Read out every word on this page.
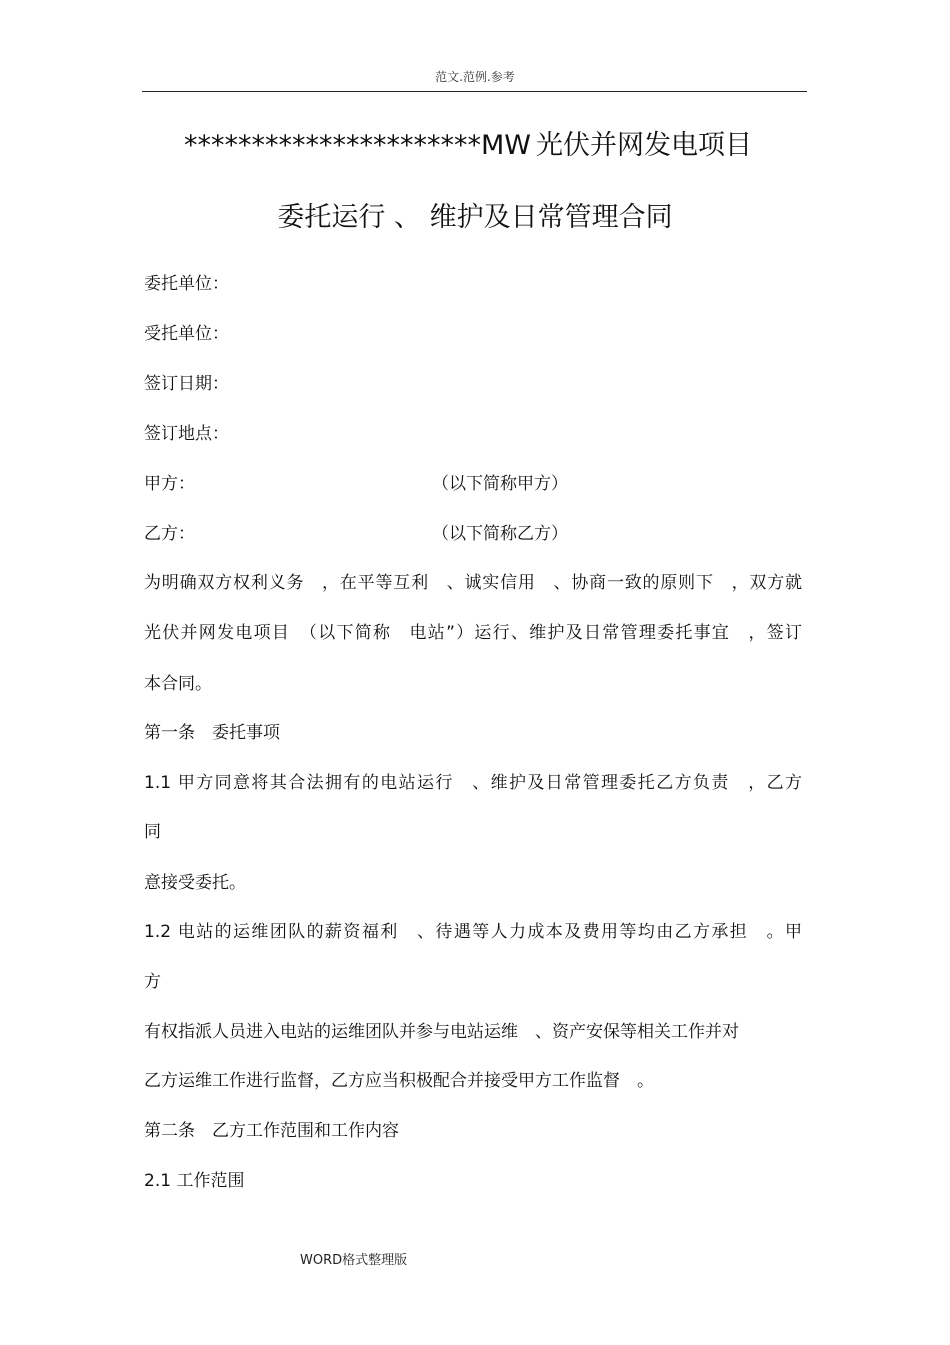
范文.范例.参考
**********************MW 光伏并网发电项目
委托运行 、 维护及日常管理合同
委托单位：
受托单位：
签订日期：
签订地点：
甲方：	（以下简称甲方）
乙方：	（以下简称乙方）
为明确双方权利义务　，在平等互利　、诚实信用　、协商一致的原则下　，双方就
光伏并网发电项目　（以下简称　电站”）运行、维护及日常管理委托事宜　，签订
本合同。
第一条　委托事项
1.1 甲方同意将其合法拥有的电站运行　、维护及日常管理委托乙方负责　，乙方
同
意接受委托。
1.2 电站的运维团队的薪资福利　、待遇等人力成本及费用等均由乙方承担　。甲
方
有权指派人员进入电站的运维团队并参与电站运维　、资产安保等相关工作并对
乙方运维工作进行监督，乙方应当积极配合并接受甲方工作监督　。
第二条　乙方工作范围和工作内容
2.1 工作范围
WORD格式整理版
